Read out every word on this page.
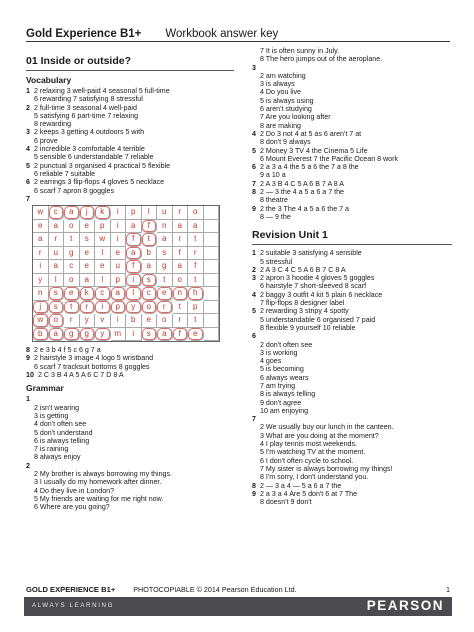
Gold Experience B1+ Workbook answer key
01 Inside or outside?
Vocabulary
1 2 relaxing 3 well-paid 4 seasonal 5 full-time
6 rewarding 7 satisfying 8 stressful
2 2 full-time 3 seasonal 4 well-paid
5 satisfying 6 part-time 7 relaxing
8 rewarding
3 2 keeps 3 getting 4 outdoors 5 with
6 prove
4 2 incredible 3 comfortable 4 terrible
5 sensible 6 understandable 7 reliable
5 2 punctual 3 organised 4 practical 5 flexible
6 reliable 7 suitable
6 2 earrings 3 flip-flops 4 gloves 5 necklace
6 scarf 7 apron 8 goggles
7
w	c	a	j	k	i	p	l	u	r	o
e	a	o	e	p	i	a	f	n	a	a
a	r	t	s	w	i	f	t	a	r	t
r	u	g	e	l	e	a	b	s	f	r
i	a	c	e	e	u	f	a	g	a	f
y	l	o	a	l	p	i	s	t	o	t
n	s	e	k	c	a	l	c	e	n	h
j	s	t	r	i	p	y	o	r	t	p
w	o	r	y	v	i	b	e	o	r	t
b	a	g	g	y	m	i	s	a	f	e
8 2 e 3 b 4 f 5 c 6 g 7 a
9 2 hairstyle 3 image 4 logo 5 wristband
6 scarf 7 tracksuit bottoms 8 goggles
10 2 C 3 B 4 A 5 A 6 C 7 D 8 A
Grammar
1
2 isn't wearing
3 is getting
4 don't often see
5 don't understand
6 is always telling
7 is raining
8 always enjoy
2
2 My brother is always borrowing my things.
3 I usually do my homework after dinner.
4 Do they live in London?
5 My friends are waiting for me right now.
6 Where are you going?
7 It is often sunny in July.
8 The hero jumps out of the aeroplane.
3
2 am watching
3 is always
4 Do you live
5 is always using
6 aren't studying
7 Are you looking after
8 are making
4 2 Do 3 not 4 at 5 as 6 aren't 7 at
8 don't 9 always
5 2 Money 3 TV 4 the Cinema 5 Life
6 Mount Everest 7 the Pacific Ocean 8 work
6 2 a 3 a 4 the 5 a 6 the 7 a 8 the
9 a 10 a
7 2 A 3 B 4 C 5 A 6 B 7 A 8 A
8 2 — 3 the 4 a 5 a 6 a 7 the
8 theatre
9 2 the 3 The 4 a 5 a 6 the 7 a
8 — 9 the
Revision Unit 1
1 2 suitable 3 satisfying 4 sensible
5 stressful
2 2 A 3 C 4 C 5 A 6 B 7 C 8 A
3 2 apron 3 hoodie 4 gloves 5 goggles
6 hairstyle 7 short-sleeved 8 scarf
4 2 baggy 3 outfit 4 kit 5 plain 6 necklace
7 flip-flops 8 designer label
5 2 rewarding 3 stripy 4 spotty
5 understandable 6 organised 7 paid
8 flexible 9 yourself 10 reliable
6
2 don't often see
3 is working
4 goes
5 is becoming
6 always wears
7 am trying
8 is always telling
9 don't agree
10 am enjoying
7
2 We usually buy our lunch in the canteen.
3 What are you doing at the moment?
4 I play tennis most weekends.
5 I'm watching TV at the moment.
6 I don't often cycle to school.
7 My sister is always borrowing my things!
8 I'm sorry, I don't understand you.
8 2 — 3 a 4 — 5 a 6 a 7 the
9 2 a 3 a 4 Are 5 don't 6 at 7 The
8 doesn't 9 don't
GOLD EXPERIENCE B1+	PHOTOCOPIABLE © 2014 Pearson Education Ltd.	1
ALWAYS LEARNING	PEARSON
